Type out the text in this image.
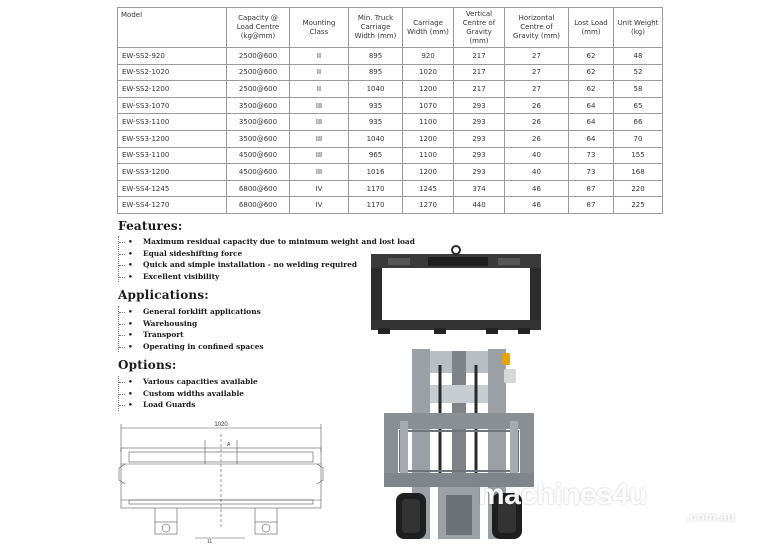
Model	Capacity @ Load Centre (kg@mm)	Mounting Class	Min. Truck Carriage Width (mm)	Carriage Width (mm)	Vertical Centre of Gravity (mm)	Horizontal Centre of Gravity (mm)	Lost Load (mm)	Unit Weight (kg)
EW-SS2-920	2500@600	II	895	920	217	27	62	48
EW-SS2-1020	2500@600	II	895	1020	217	27	62	52
EW-SS2-1200	2500@600	II	1040	1200	217	27	62	58
EW-SS3-1070	3500@600	III	935	1070	293	26	64	65
EW-SS3-1100	3500@600	III	935	1100	293	26	64	66
EW-SS3-1200	3500@600	III	1040	1200	293	26	64	70
EW-SS3-1100	4500@600	III	965	1100	293	40	73	155
EW-SS3-1200	4500@600	III	1016	1200	293	40	73	168
EW-SS4-1245	6800@600	IV	1170	1245	374	46	87	220
EW-SS4-1270	6800@600	IV	1170	1270	440	46	87	225
Features:
• Maximum residual capacity due to minimum weight and lost load
• Equal sideshifting force
• Quick and simple installation - no welding required
• Excellent visibility
Applications:
• General forklift applications
• Warehousing
• Transport
• Operating in confined spaces
Options:
• Various capacities available
• Custom widths available
• Load Guards
1020
A
11
machines4u
.com.au
